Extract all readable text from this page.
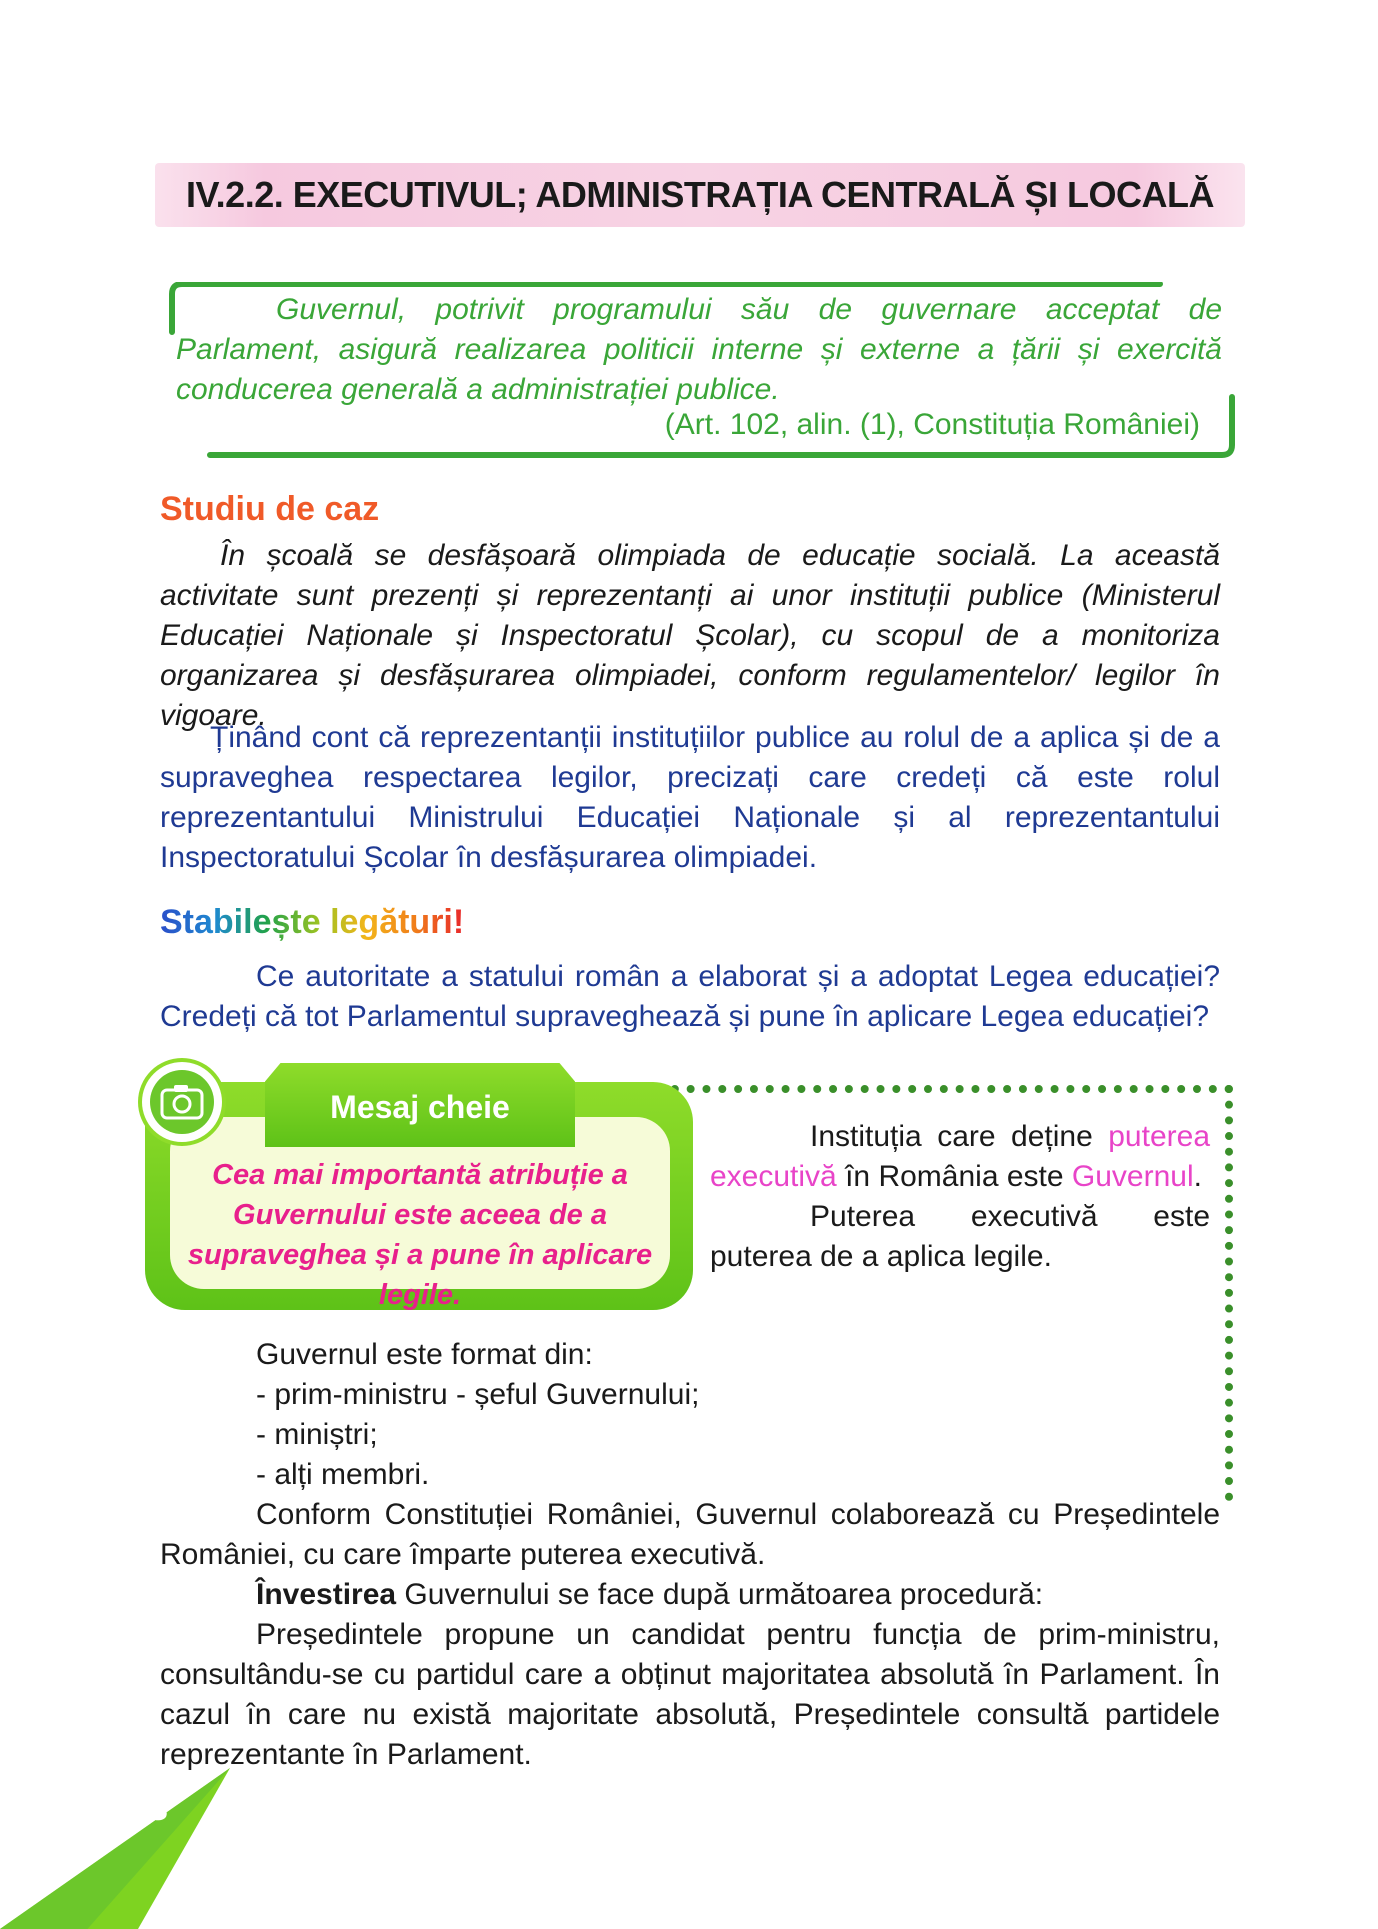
IV.2.2. EXECUTIVUL; ADMINISTRAȚIA CENTRALĂ ȘI LOCALĂ

Guvernul, potrivit programului său de guvernare acceptat de Parlament, asigură realizarea politicii interne și externe a țării și exercită conducerea generală a administrației publice.

(Art. 102, alin. (1), Constituția României)
Studiu de caz

În școală se desfășoară olimpiada de educație socială. La această activitate sunt prezenți și reprezentanți ai unor instituții publice (Ministerul Educației Naționale și Inspectoratul Școlar), cu scopul de a monitoriza organizarea și desfășurarea olimpiadei, conform regulamentelor/ legilor în vigoare.

Ținând cont că reprezentanții instituțiilor publice au rolul de a aplica și de a supraveghea respectarea legilor, precizați care credeți că este rolul reprezentantului Ministrului Educației Naționale și al reprezentantului Inspectoratului Școlar în desfășurarea olimpiadei.

Stabilește legături!

Ce autoritate a statului român a elaborat și a adoptat Legea educației? Credeți că tot Parlamentul supraveghează și pune în aplicare Legea educației?

Mesaj cheie
Cea mai importantă atribuție a Guvernului este aceea de a supraveghea și a pune în aplicare legile.

Instituția care deține puterea executivă în România este Guvernul.

Puterea executivă este puterea de a aplica legile.

Guvernul este format din:

- prim-ministru - șeful Guvernului;

- miniștri;

- alți membri.

Conform Constituției României, Guvernul colaborează cu Președintele României, cu care împarte puterea executivă.

Învestirea Guvernului se face după următoarea procedură:

Președintele propune un candidat pentru funcția de prim-ministru, consultându-se cu partidul care a obținut majoritatea absolută în Parlament. În cazul în care nu există majoritate absolută, Președintele consultă partidele reprezentante în Parlament.

38
